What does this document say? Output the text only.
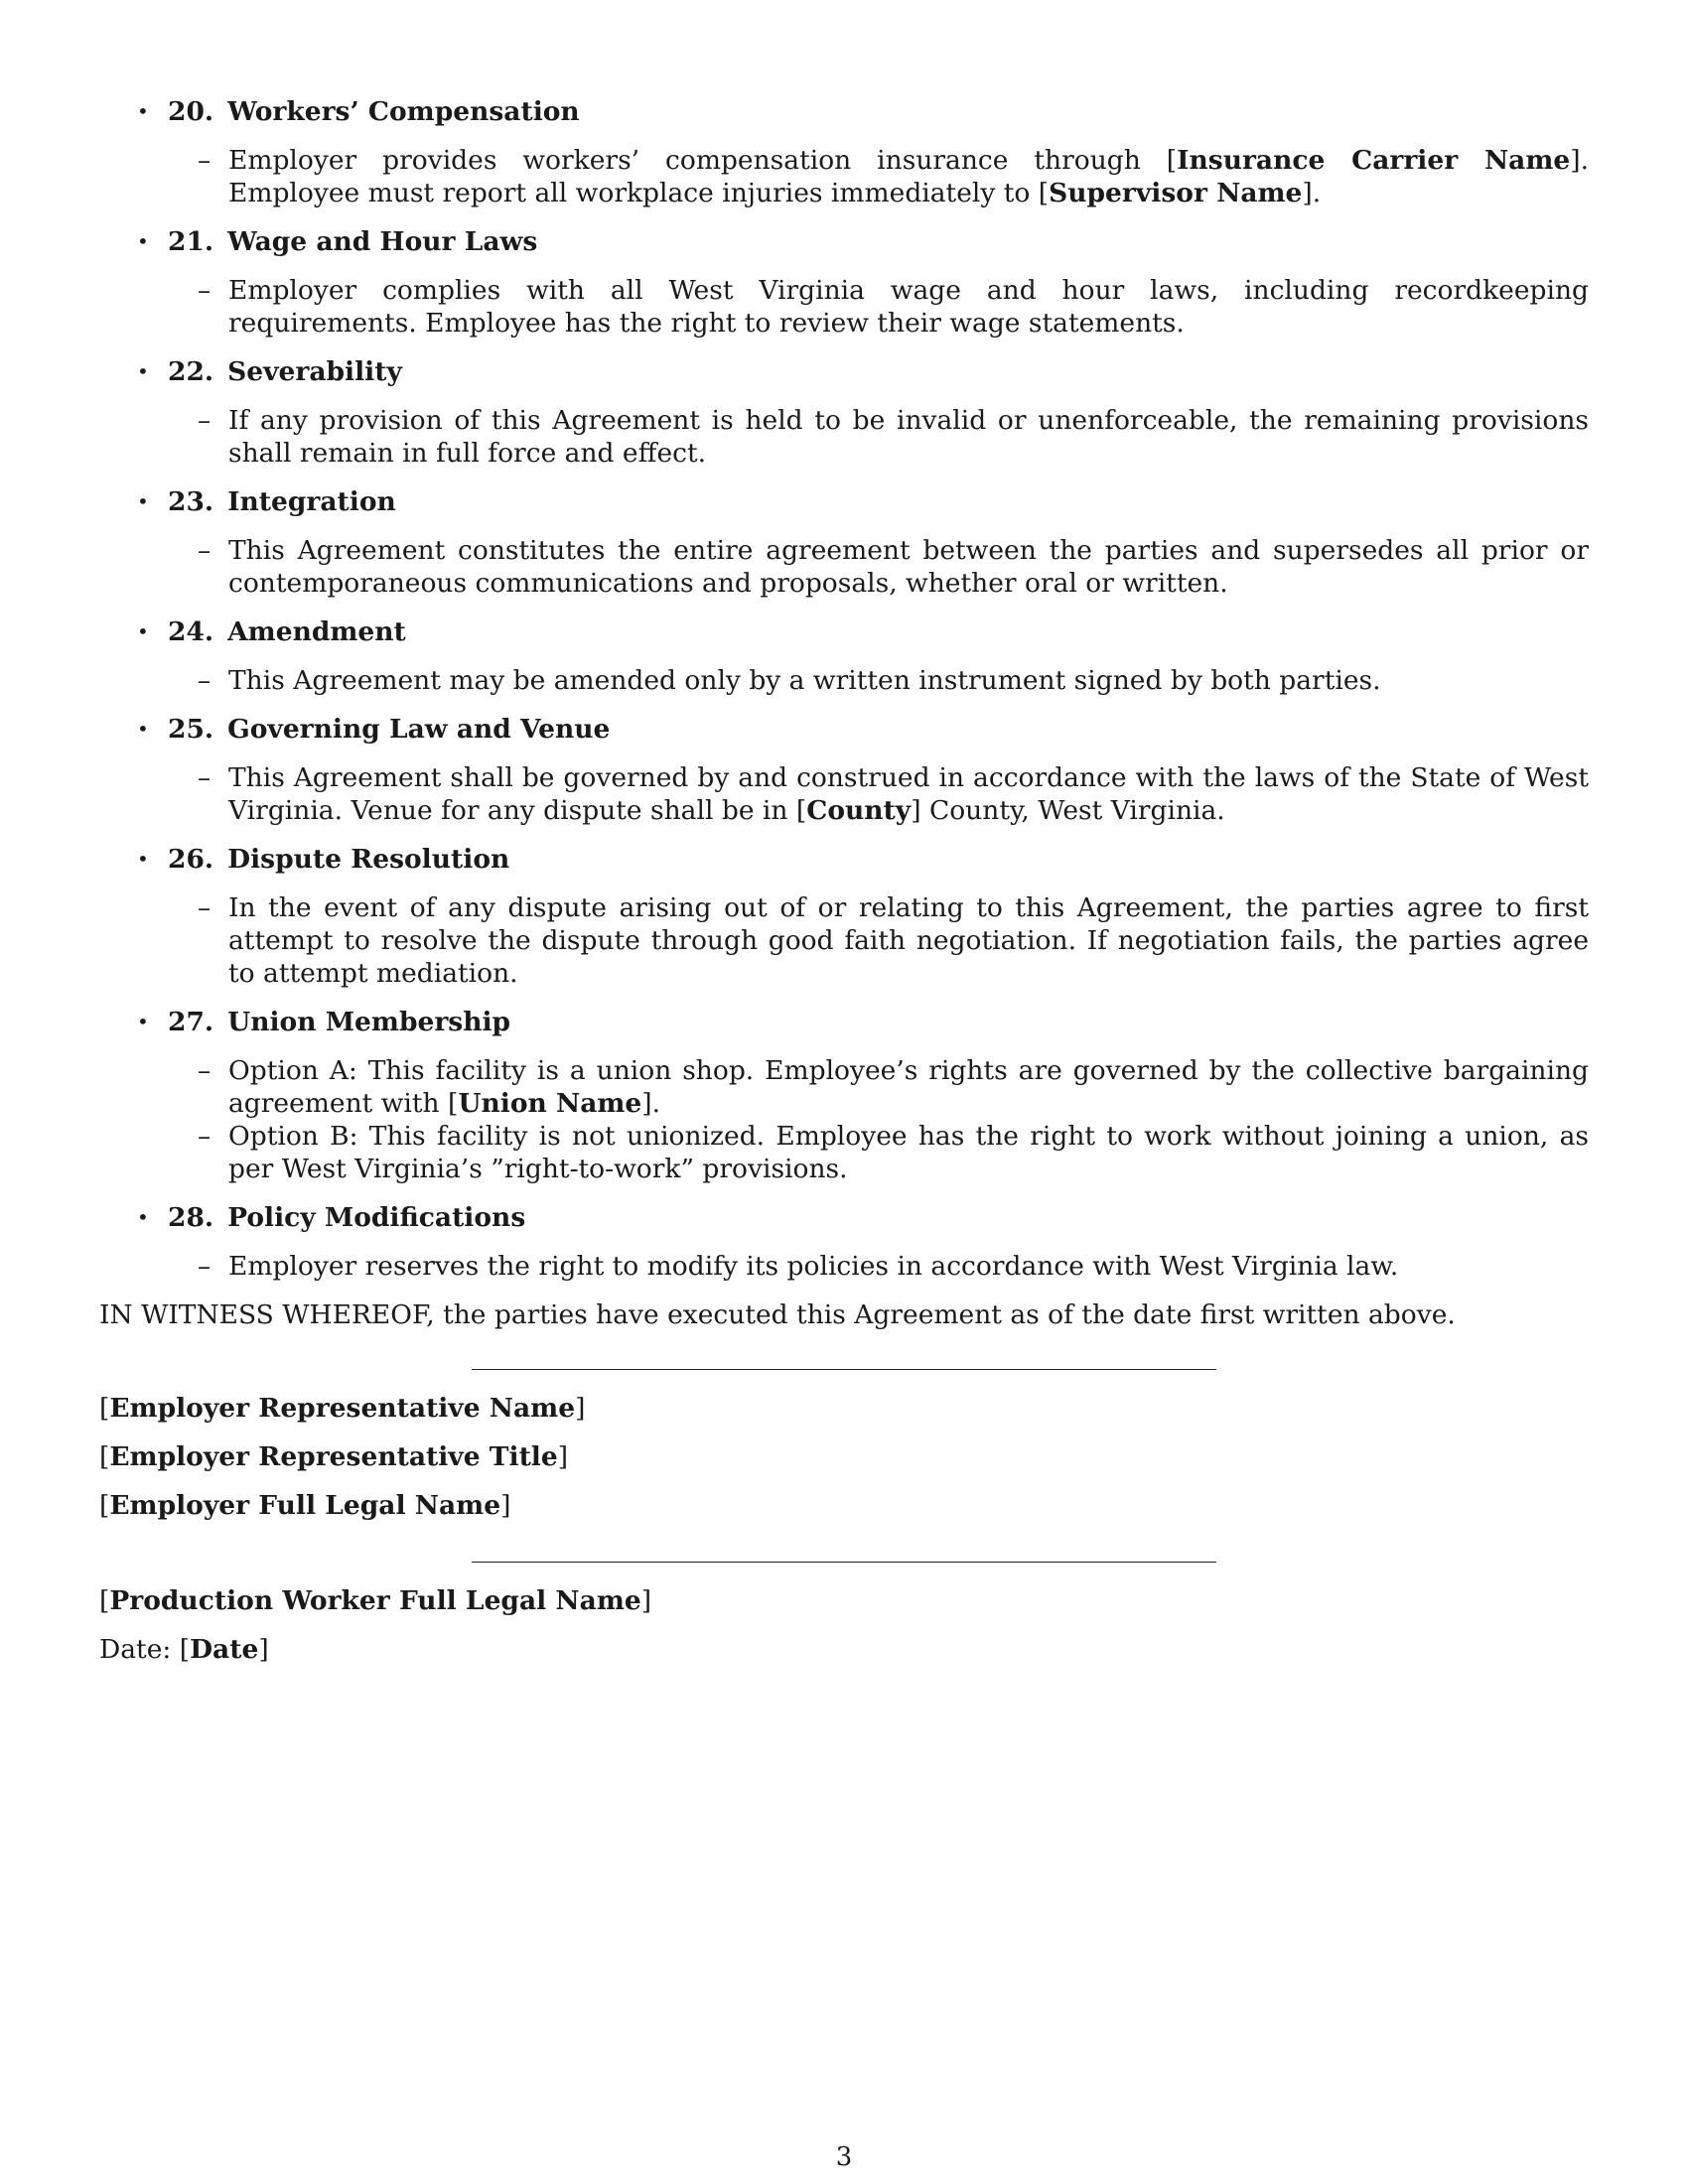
• 20. Workers’ Compensation
– Employer provides workers’ compensation insurance through [Insurance Carrier Name]. Employee must report all workplace injuries immediately to [Supervisor Name].
• 21. Wage and Hour Laws
– Employer complies with all West Virginia wage and hour laws, including recordkeeping requirements. Employee has the right to review their wage statements.
• 22. Severability
– If any provision of this Agreement is held to be invalid or unenforceable, the remaining provisions shall remain in full force and effect.
• 23. Integration
– This Agreement constitutes the entire agreement between the parties and supersedes all prior or contemporaneous communications and proposals, whether oral or written.
• 24. Amendment
– This Agreement may be amended only by a written instrument signed by both parties.
• 25. Governing Law and Venue
– This Agreement shall be governed by and construed in accordance with the laws of the State of West Virginia. Venue for any dispute shall be in [County] County, West Virginia.
• 26. Dispute Resolution
– In the event of any dispute arising out of or relating to this Agreement, the parties agree to first attempt to resolve the dispute through good faith negotiation. If negotiation fails, the parties agree to attempt mediation.
• 27. Union Membership
– Option A: This facility is a union shop. Employee’s rights are governed by the collective bargaining agreement with [Union Name].
– Option B: This facility is not unionized. Employee has the right to work without joining a union, as per West Virginia’s ”right-to-work” provisions.
• 28. Policy Modifications
– Employer reserves the right to modify its policies in accordance with West Virginia law.
IN WITNESS WHEREOF, the parties have executed this Agreement as of the date first written above.
[Employer Representative Name]
[Employer Representative Title]
[Employer Full Legal Name]
[Production Worker Full Legal Name]
Date: [Date]
3
